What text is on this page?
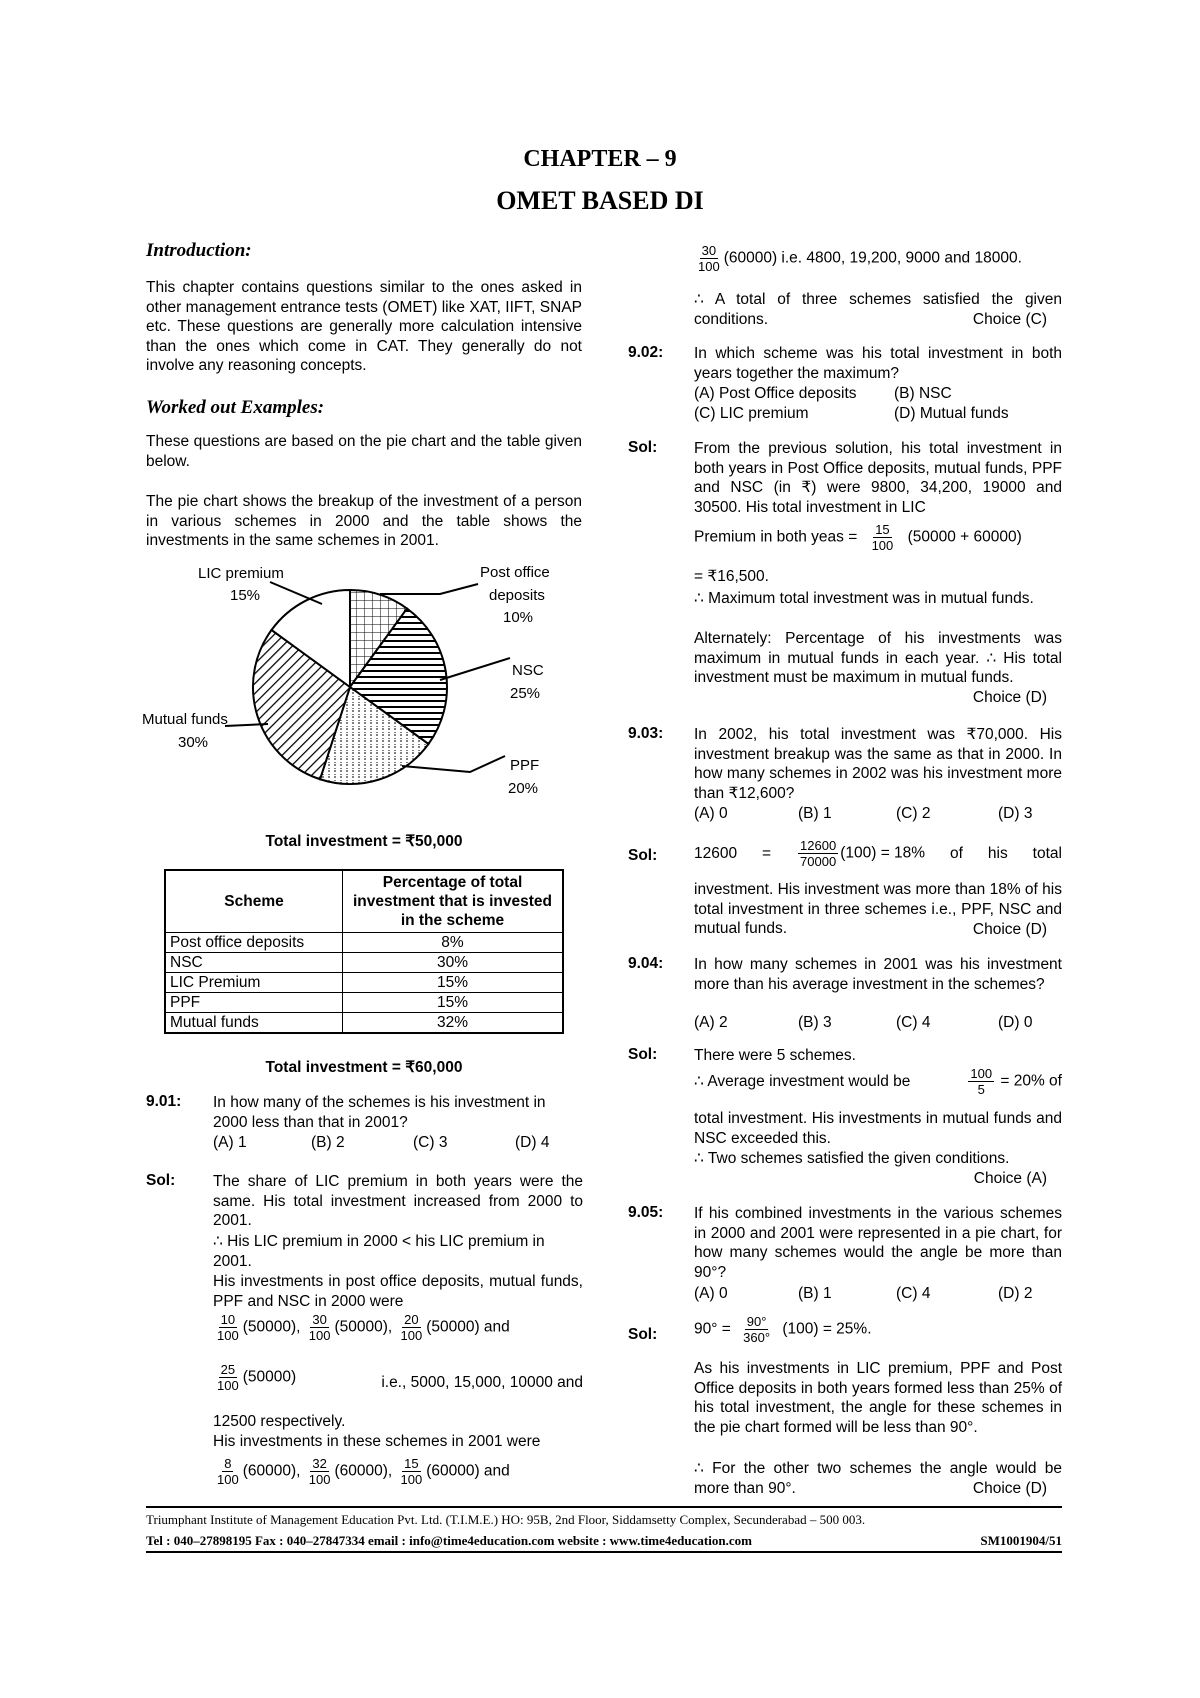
CHAPTER – 9
OMET BASED DI
Introduction:
This chapter contains questions similar to the ones asked in other management entrance tests (OMET) like XAT, IIFT, SNAP etc. These questions are generally more calculation intensive than the ones which come in CAT. They generally do not involve any reasoning concepts.
Worked out Examples:
These questions are based on the pie chart and the table given below.
The pie chart shows the breakup of the investment of a person in various schemes in 2000 and the table shows the investments in the same schemes in 2001.
LIC premium
15%
Post office
deposits
10%
NSC
25%
PPF
20%
Mutual funds
30%
Total investment = ₹50,000
Scheme	Percentage of total investment that is invested in the scheme
Post office deposits	8%
NSC	30%
LIC Premium	15%
PPF	15%
Mutual funds	32%
Total investment = ₹60,000
9.01: In how many of the schemes is his investment in 2000 less than that in 2001?
(A) 1	(B) 2	(C) 3	(D) 4
Sol: The share of LIC premium in both years were the same. His total investment increased from 2000 to 2001.
∴ His LIC premium in 2000 < his LIC premium in 2001.
His investments in post office deposits, mutual funds, PPF and NSC in 2000 were
$\frac{10}{100} (50000)$, $\frac{30}{100} (50000)$, $\frac{20}{100} (50000)$ and
$\frac{25}{100} (50000)$	i.e., 5000, 15,000, 10000 and
12500 respectively.
His investments in these schemes in 2001 were
$\frac{8}{100} (60000)$, $\frac{32}{100} (60000)$, $\frac{15}{100} (60000)$ and
$\frac{30}{100} (60000)$ i.e. 4800, 19,200, 9000 and 18000.
∴ A total of three schemes satisfied the given conditions.	Choice (C)
9.02: In which scheme was his total investment in both years together the maximum?
(A) Post Office deposits (B) NSC
(C) LIC premium	(D) Mutual funds
Sol: From the previous solution, his total investment in both years in Post Office deposits, mutual funds, PPF and NSC (in ₹) were 9800, 34,200, 19000 and 30500. His total investment in LIC
Premium in both yeas = $\frac{15}{100} (50000 + 60000)$
= ₹16,500.
∴ Maximum total investment was in mutual funds.
Alternately: Percentage of his investments was maximum in mutual funds in each year. ∴ His total investment must be maximum in mutual funds.
Choice (D)
9.03: In 2002, his total investment was ₹70,000. His investment breakup was the same as that in 2000. In how many schemes in 2002 was his investment more than ₹12,600?
(A) 0	(B) 1	(C) 2	(D) 3
Sol: $12600 = \frac{12600}{70000} (100) = 18\%$ of his total
investment. His investment was more than 18% of his total investment in three schemes i.e., PPF, NSC and mutual funds.	Choice (D)
9.04: In how many schemes in 2001 was his investment more than his average investment in the schemes?
(A) 2	(B) 3	(C) 4	(D) 0
Sol: There were 5 schemes.
∴ Average investment would be	$\frac{100}{5} = 20\%$ of
total investment. His investments in mutual funds and NSC exceeded this.
∴ Two schemes satisfied the given conditions.
Choice (A)
9.05: If his combined investments in the various schemes in 2000 and 2001 were represented in a pie chart, for how many schemes would the angle be more than 90°?
(A) 0	(B) 1	(C) 4	(D) 2
Sol: $90^\circ = \frac{90^\circ}{360^\circ} (100) = 25\%$.
As his investments in LIC premium, PPF and Post Office deposits in both years formed less than 25% of his total investment, the angle for these schemes in the pie chart formed will be less than 90°.
∴ For the other two schemes the angle would be more than 90°.	Choice (D)
Triumphant Institute of Management Education Pvt. Ltd. (T.I.M.E.) HO: 95B, 2nd Floor, Siddamsetty Complex, Secunderabad – 500 003.
Tel : 040–27898195 Fax : 040–27847334 email : info@time4education.com website : www.time4education.com	SM1001904/51
